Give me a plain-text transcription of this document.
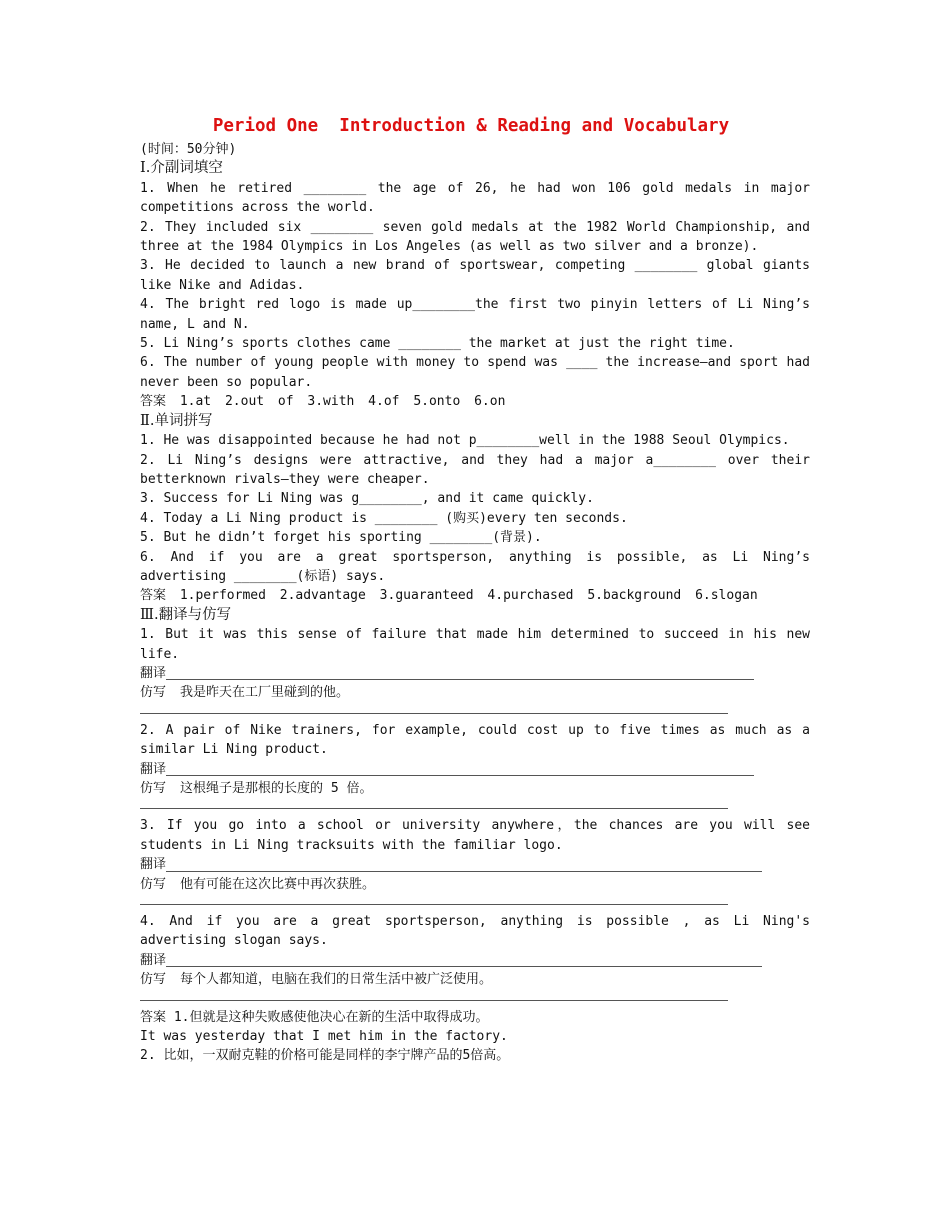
Period One  Introduction & Reading and Vocabulary
(时间：50分钟)
I.介副词填空
1. When he retired ________ the age of 26, he had won 106 gold medals in major competitions across the world.
2. They included six ________ seven gold medals at the 1982 World Championship, and three at the 1984 Olympics in Los Angeles (as well as two silver and a bronze).
3. He decided to launch a new brand of sportswear, competing ________ global giants like Nike and Adidas.
4. The bright red logo is made up________the first two pinyin letters of Li Ning’s name, L and N.
5. Li Ning’s sports clothes came ________ the market at just the right time.
6. The number of young people with money to spend was ____ the increase—and sport had never been so popular.
答案 1.at 2.out of 3.with 4.of 5.onto 6.on
Ⅱ.单词拼写
1. He was disappointed because he had not p________well in the 1988 Seoul Olympics.
2. Li Ning’s designs were attractive, and they had a major a________ over their betterknown rivals—they were cheaper.
3. Success for Li Ning was g________, and it came quickly.
4. Today a Li Ning product is ________ (购买)every ten seconds.
5. But he didn’t forget his sporting ________(背景).
6. And if you are a great sportsperson, anything is possible, as Li Ning’s advertising ________(标语) says.
答案 1.performed 2.advantage 3.guaranteed 4.purchased 5.background 6.slogan
Ⅲ.翻译与仿写
1. But it was this sense of failure that made him determined to succeed in his new life.
翻译
仿写 我是昨天在工厂里碰到的他。
2. A pair of Nike trainers, for example, could cost up to five times as much as a similar Li Ning product.
翻译
仿写 这根绳子是那根的长度的 5 倍。
3. If you go into a school or university anywhere，the chances are you will see students in Li Ning tracksuits with the familiar logo.
翻译
仿写 他有可能在这次比赛中再次获胜。
4. And if you are a great sportsperson, anything is possible , as Li Ning's advertising slogan says.
翻译
仿写 每个人都知道，电脑在我们的日常生活中被广泛使用。
答案 1.但就是这种失败感使他决心在新的生活中取得成功。
It was yesterday that I met him in the factory.
2. 比如，一双耐克鞋的价格可能是同样的李宁牌产品的5倍高。
